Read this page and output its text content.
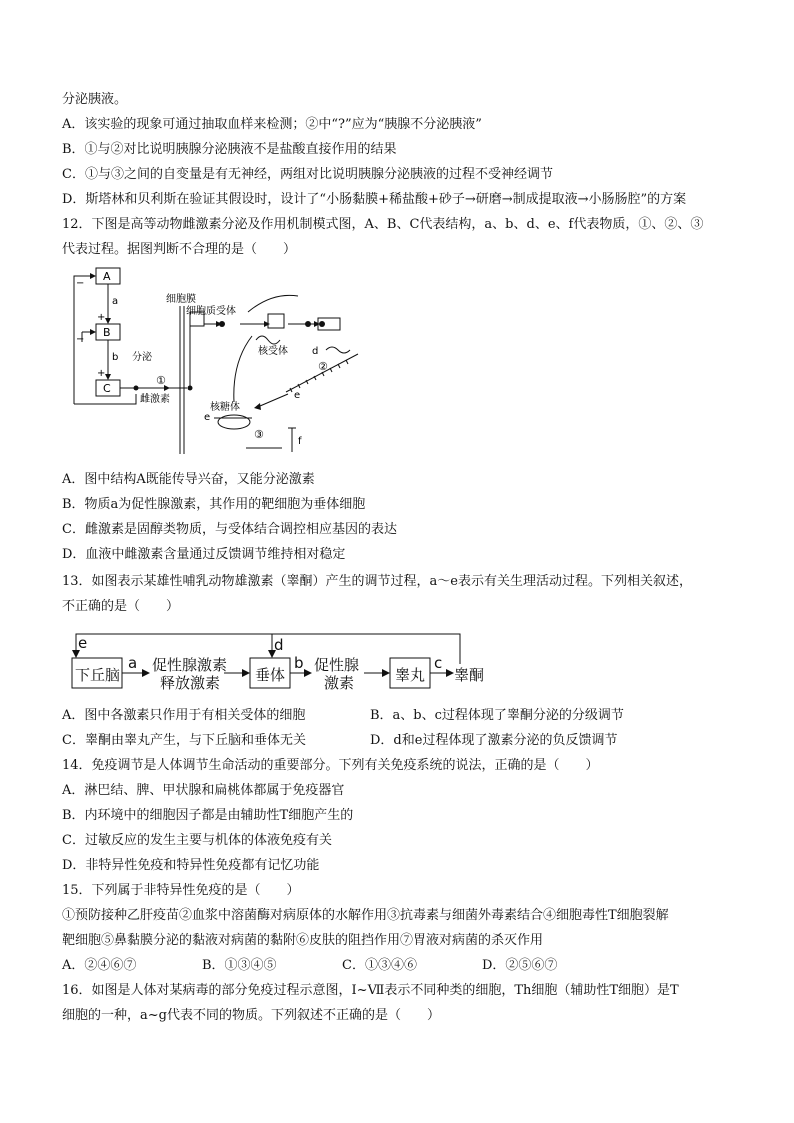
分泌胰液。
A．该实验的现象可通过抽取血样来检测；②中“?”应为“胰腺不分泌胰液”
B．①与②对比说明胰腺分泌胰液不是盐酸直接作用的结果
C．①与③之间的自变量是有无神经，两组对比说明胰腺分泌胰液的过程不受神经调节
D．斯塔林和贝利斯在验证其假设时，设计了“小肠黏膜+稀盐酸+砂子→研磨→制成提取液→小肠肠腔”的方案
12．下图是高等动物雌激素分泌及作用机制模式图，A、B、C代表结构，a、b、d、e、f代表物质，①、②、③
代表过程。据图判断不合理的是（　　）
A
B
C
a
b
+
+
−
−
分泌
①
雌激素
细胞膜
细胞质受体
核受体 d
②
e
核糖体
e
③
f
A．图中结构A既能传导兴奋，又能分泌激素
B．物质a为促性腺激素，其作用的靶细胞为垂体细胞
C．雌激素是固醇类物质，与受体结合调控相应基因的表达
D．血液中雌激素含量通过反馈调节维持相对稳定
13．如图表示某雄性哺乳动物雄激素（睾酮）产生的调节过程，a～e表示有关生理活动过程。下列相关叙述，
不正确的是（　　）
e	d
下丘脑
a 促性腺激素
释放激素 垂体
b 促性腺
激素	睾丸
c
睾酮
A．图中各激素只作用于有相关受体的细胞	B．a、b、c过程体现了睾酮分泌的分级调节
C．睾酮由睾丸产生，与下丘脑和垂体无关	D．d和e过程体现了激素分泌的负反馈调节
14．免疫调节是人体调节生命活动的重要部分。下列有关免疫系统的说法，正确的是（　　）
A．淋巴结、脾、甲状腺和扁桃体都属于免疫器官
B．内环境中的细胞因子都是由辅助性T细胞产生的
C．过敏反应的发生主要与机体的体液免疫有关
D．非特异性免疫和特异性免疫都有记忆功能
15．下列属于非特异性免疫的是（　　）
①预防接种乙肝疫苗②血浆中溶菌酶对病原体的水解作用③抗毒素与细菌外毒素结合④细胞毒性T细胞裂解
靶细胞⑤鼻黏膜分泌的黏液对病菌的黏附⑥皮肤的阻挡作用⑦胃液对病菌的杀灭作用
A．②④⑥⑦	B．①③④⑤	C．①③④⑥	D．②⑤⑥⑦
16．如图是人体对某病毒的部分免疫过程示意图，I~Ⅶ表示不同种类的细胞，Th细胞（辅助性T细胞）是T
细胞的一种，a~g代表不同的物质。下列叙述不正确的是（　　）
